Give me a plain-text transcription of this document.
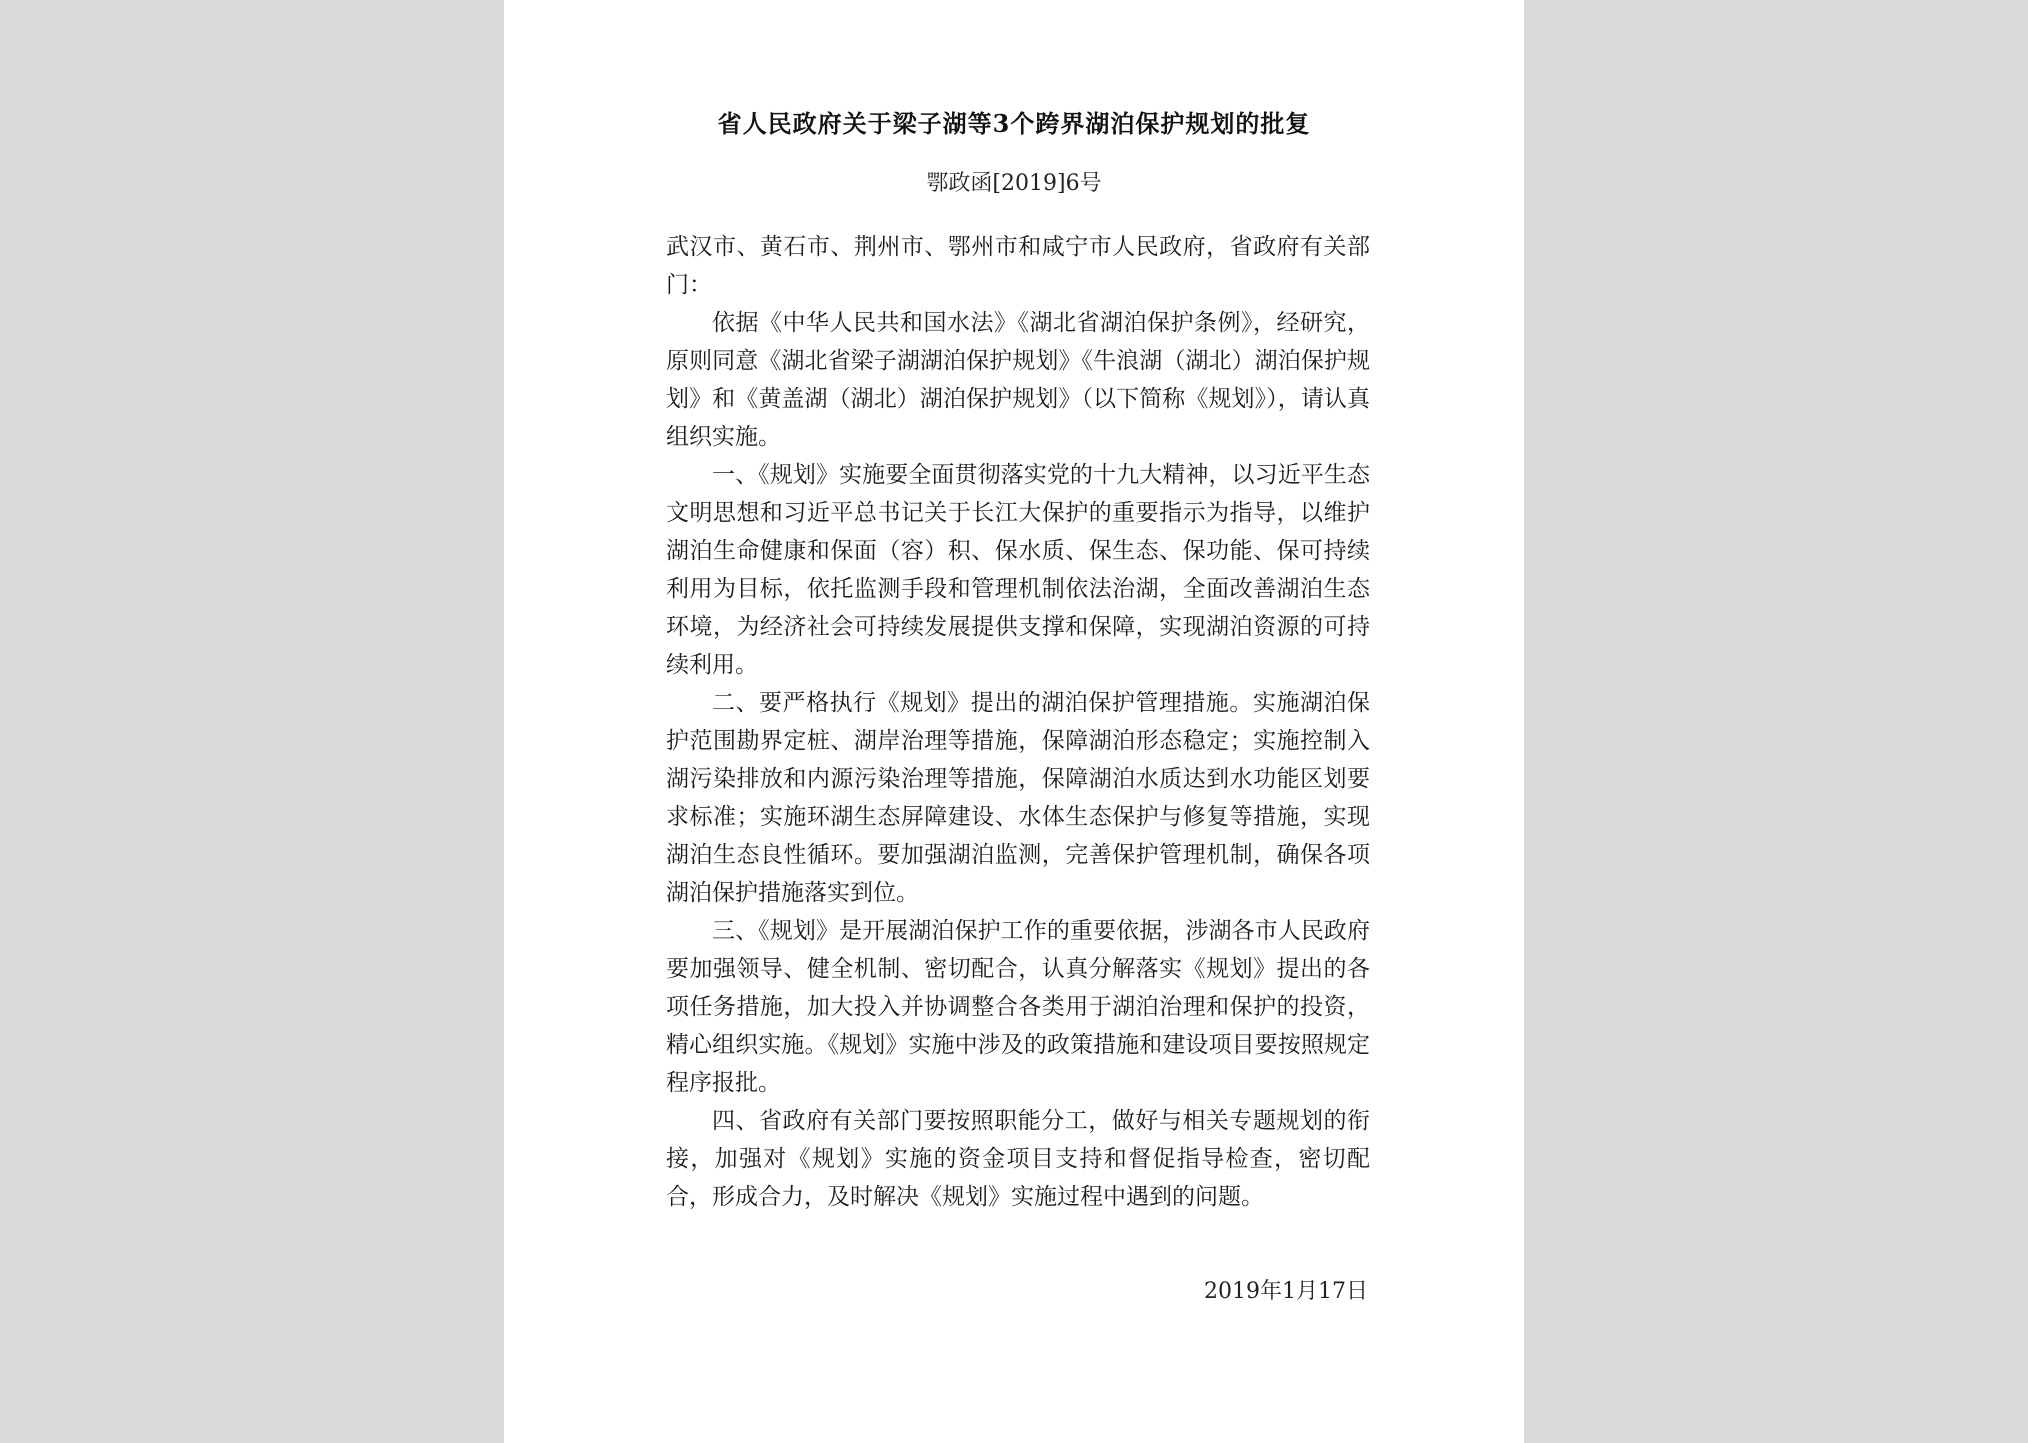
省人民政府关于梁子湖等3个跨界湖泊保护规划的批复
鄂政函[2019]6号

武汉市、黄石市、荆州市、鄂州市和咸宁市人民政府，省政府有关部门：

依据《中华人民共和国水法》《湖北省湖泊保护条例》，经研究，原则同意《湖北省梁子湖湖泊保护规划》《牛浪湖（湖北）湖泊保护规划》和《黄盖湖（湖北）湖泊保护规划》（以下简称《规划》），请认真组织实施。

一、《规划》实施要全面贯彻落实党的十九大精神，以习近平生态文明思想和习近平总书记关于长江大保护的重要指示为指导，以维护湖泊生命健康和保面（容）积、保水质、保生态、保功能、保可持续利用为目标，依托监测手段和管理机制依法治湖，全面改善湖泊生态环境，为经济社会可持续发展提供支撑和保障，实现湖泊资源的可持续利用。

二、要严格执行《规划》提出的湖泊保护管理措施。实施湖泊保护范围勘界定桩、湖岸治理等措施，保障湖泊形态稳定；实施控制入湖污染排放和内源污染治理等措施，保障湖泊水质达到水功能区划要求标准；实施环湖生态屏障建设、水体生态保护与修复等措施，实现湖泊生态良性循环。要加强湖泊监测，完善保护管理机制，确保各项湖泊保护措施落实到位。

三、《规划》是开展湖泊保护工作的重要依据，涉湖各市人民政府要加强领导、健全机制、密切配合，认真分解落实《规划》提出的各项任务措施，加大投入并协调整合各类用于湖泊治理和保护的投资，精心组织实施。《规划》实施中涉及的政策措施和建设项目要按照规定程序报批。

四、省政府有关部门要按照职能分工，做好与相关专题规划的衔接，加强对《规划》实施的资金项目支持和督促指导检查，密切配合，形成合力，及时解决《规划》实施过程中遇到的问题。

2019年1月17日
